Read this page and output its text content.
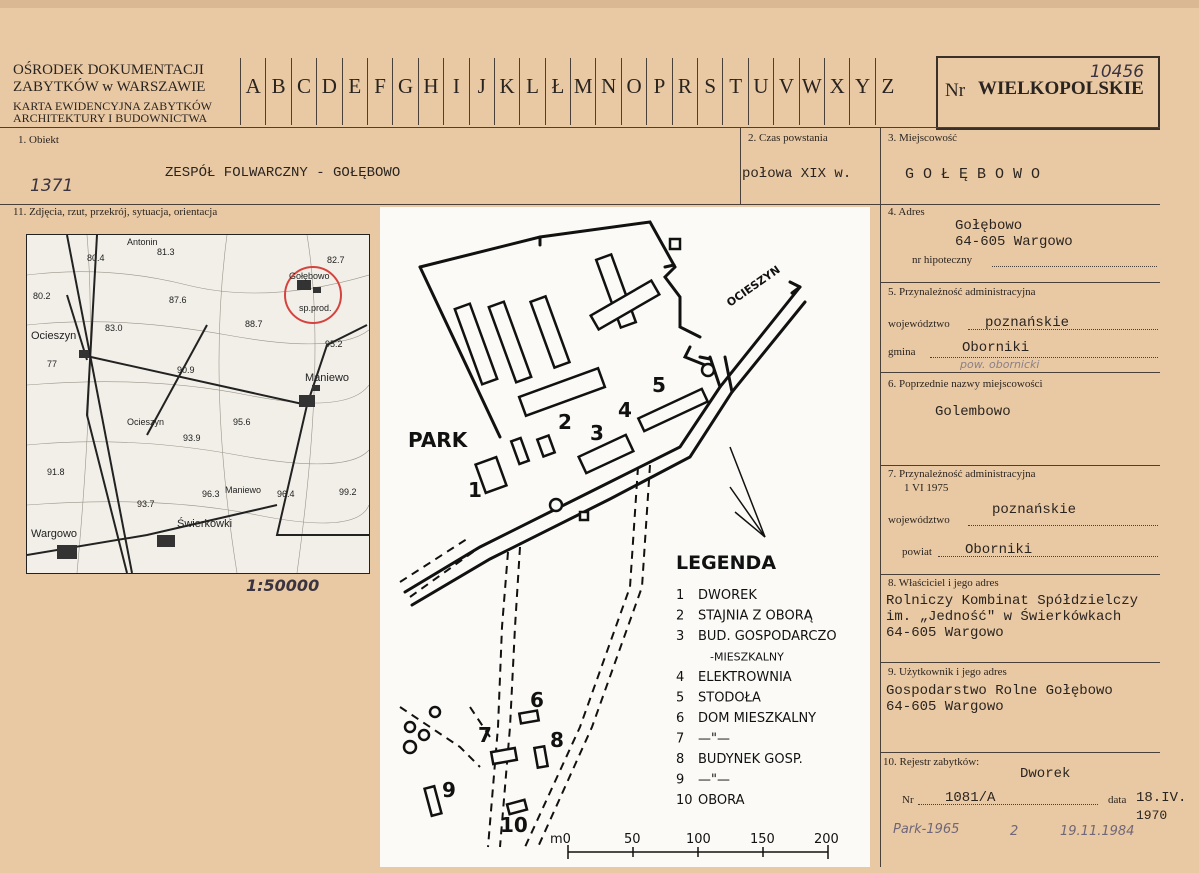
OŚRODEK DOKUMENTACJI
ZABYTKÓW w WARSZAWIE
KARTA EWIDENCYJNA ZABYTKÓW
ARCHITEKTURY I BUDOWNICTWA
A B C D E F G H I J K L Ł M N O P R S T U V W X Y Z	Nr WIELKOPOLSKIE
10456
1. Obiekt
ZESPÓŁ FOLWARCZNY - GOŁĘBOWO
1371
2. Czas powstania
połowa XIX w.
3. Miejscowość
G O Ł Ę B O W O
11. Zdjęcia, rzut, przekrój, sytuacja, orientacja
Antonin
Gołębowo
sp.prod.
Ocieszyn
Maniewo
Wargowo
Świerkówki
Maniewo
Ocieszyn
80.4
81.3
82.7
80.2	87.6
88.7
83.0
95.2
77
90.9
95.6
93.9
96.3	96.4	99.2
93.7
91.8
1:50000
PARK
OCIESZYN
1
2 3
4
5
6
7	8
9
10
LEGENDA
1 DWOREK
2 STAJNIA Z OBORĄ
3 BUD. GOSPODARCZO
-MIESZKALNY
4 ELEKTROWNIA
5 STODOŁA
6 DOM MIESZKALNY
7 —"—
8 BUDYNEK GOSP.
9 —"—
10 OBORA
m0	50	100	150	200
4. Adres
Gołębowo
64-605 Wargowo
nr hipoteczny
5. Przynależność administracyjna
województwo	poznańskie
gmina	Oborniki
pow. obornicki
6. Poprzednie nazwy miejscowości
Golembowo
7. Przynależność administracyjna
1 VI 1975
województwo
poznańskie
powiat Oborniki
8. Właściciel i jego adres
Rolniczy Kombinat Spółdzielczy
im. „Jedność" w Świerkówkach
64-605 Wargowo
9. Użytkownik i jego adres
Gospodarstwo Rolne Gołębowo
64-605 Wargowo
10. Rejestr zabytków:
Dworek
Nr 1081/A	data 18.IV.
1970
Park-1965	2	19.11.1984
